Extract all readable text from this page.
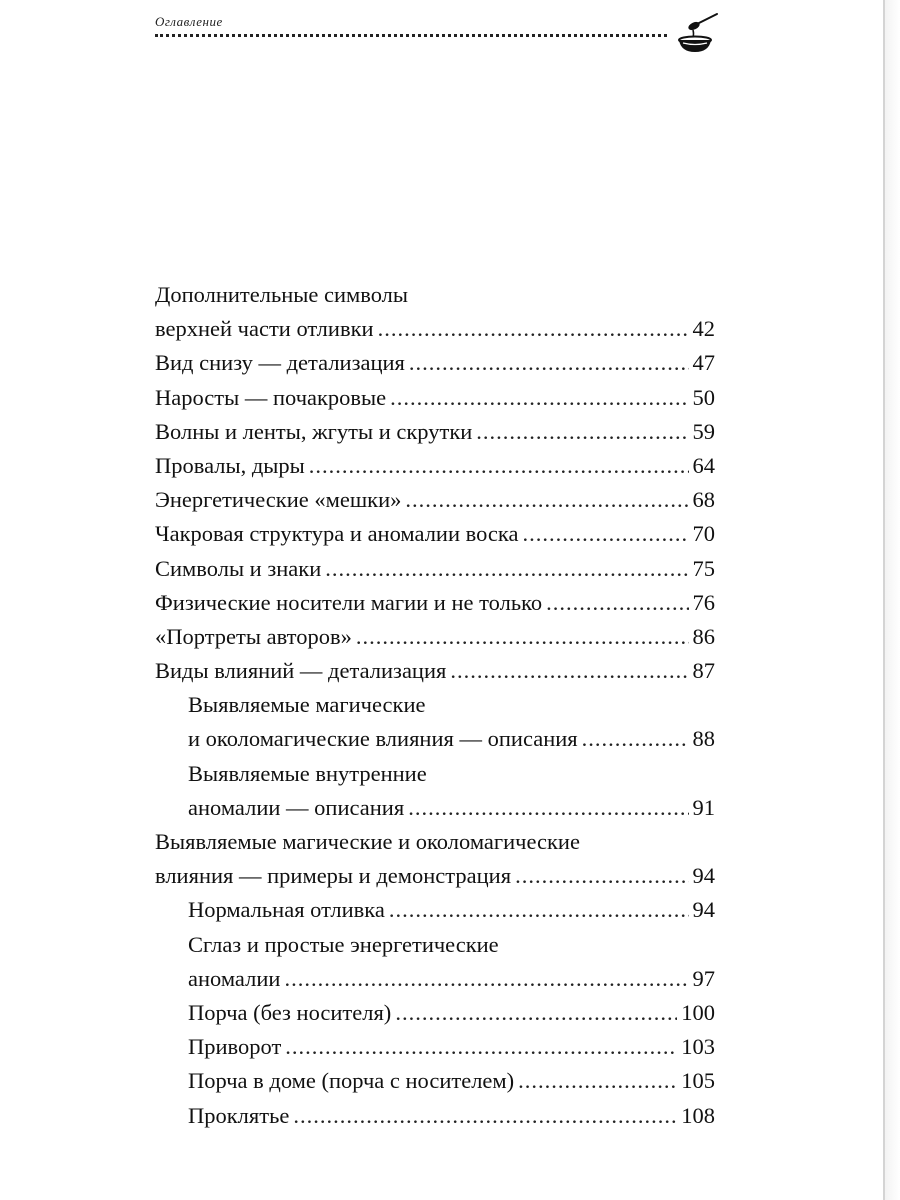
Оглавление
Дополнительные символы
верхней части отливки .....	42
Вид снизу — детализация .....	47
Наросты — почакровые .....	50
Волны и ленты, жгуты и скрутки .....	59
Провалы, дыры .....	64
Энергетические «мешки» .....	68
Чакровая структура и аномалии воска .....	70
Символы и знаки .....	75
Физические носители магии и не только .....	76
«Портреты авторов» .....	86
Виды влияний — детализация .....	87
Выявляемые магические
и околомагические влияния — описания .....	88
Выявляемые внутренние
аномалии — описания .....	91
Выявляемые магические и околомагические
влияния — примеры и демонстрация .....	94
Нормальная отливка .....	94
Сглаз и простые энергетические
аномалии .....	97
Порча (без носителя) .....	100
Приворот .....	103
Порча в доме (порча с носителем) .....	105
Проклятье .....	108
